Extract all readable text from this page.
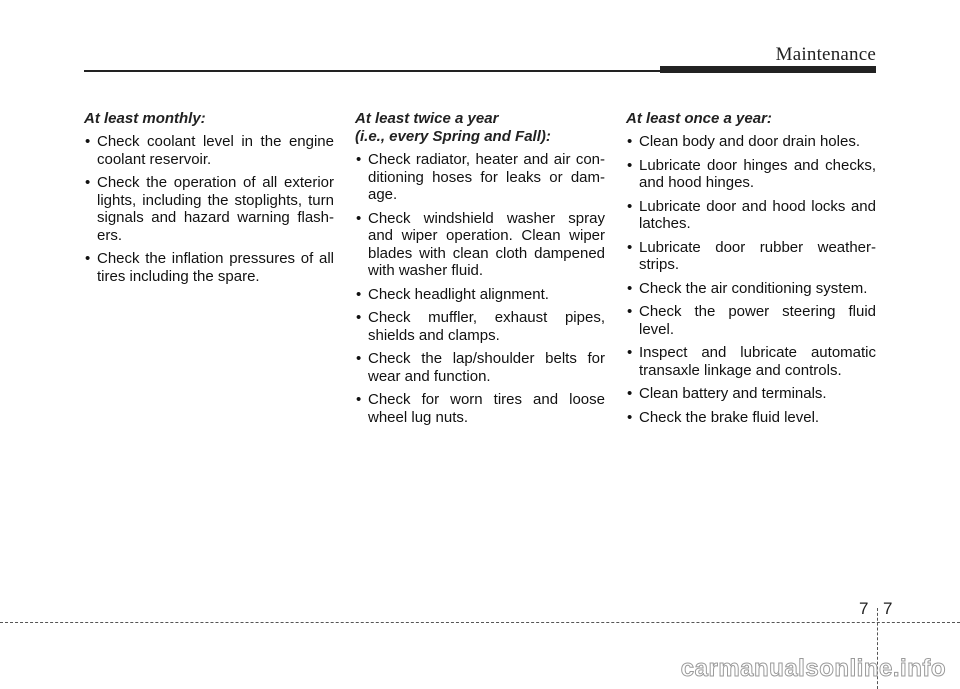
Maintenance
At least monthly:
• Check coolant level in the engine coolant reservoir.
• Check the operation of all exterior lights, including the stoplights, turn signals and hazard warning flash-ers.
• Check the inflation pressures of all tires including the spare.
At least twice a year
(i.e., every Spring and Fall):
• Check radiator, heater and air con-ditioning hoses for leaks or dam-age.
• Check windshield washer spray and wiper operation. Clean wiper blades with clean cloth dampened with washer fluid.
• Check headlight alignment.
• Check muffler, exhaust pipes, shields and clamps.
• Check the lap/shoulder belts for wear and function.
• Check for worn tires and loose wheel lug nuts.
At least once a year:
• Clean body and door drain holes.
• Lubricate door hinges and checks, and hood hinges.
• Lubricate door and hood locks and latches.
• Lubricate door rubber weather-strips.
• Check the air conditioning system.
• Check the power steering fluid level.
• Inspect and lubricate automatic transaxle linkage and controls.
• Clean battery and terminals.
• Check the brake fluid level.
7 7
carmanualsonline.info
